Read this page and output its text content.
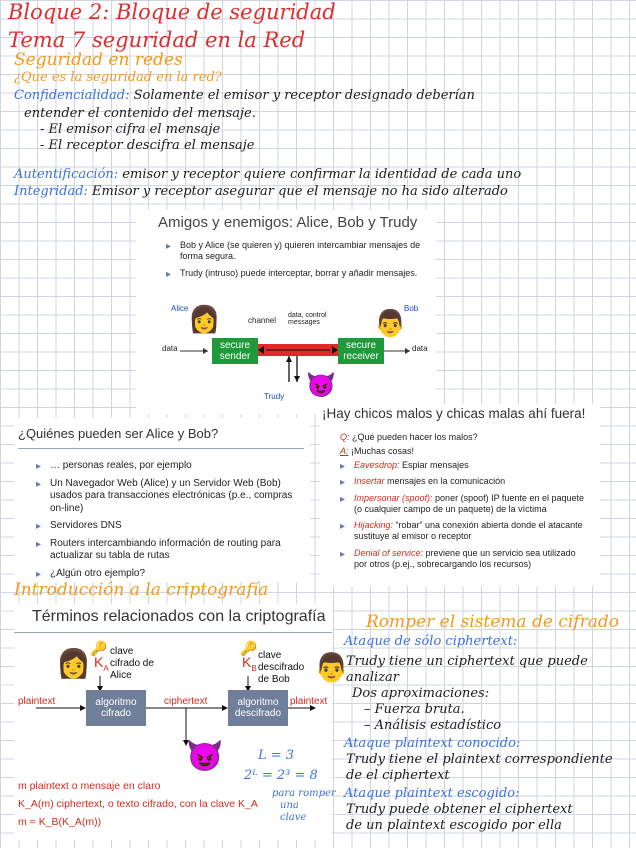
Bloque 2: Bloque de seguridad
Tema 7 seguridad en la Red
Seguridad en redes
¿Que es la seguridad en la red?
Confidencialidad: Solamente el emisor y receptor designado deberían
entender el contenido del mensaje.
- El emisor cifra el mensaje
- El receptor descifra el mensaje
Autentificación: emisor y receptor quiere confirmar la identidad de cada uno
Integridad: Emisor y receptor asegurar que el mensaje no ha sido alterado
Amigos y enemigos: Alice, Bob y Trudy
▸ Bob y Alice (se quieren y) quieren intercambiar mensajes de forma segura.
▸ Trudy (intruso) puede interceptar, borrar y añadir mensajes.
Alice	Bob
👩	👨
channel
data, control messages
data	data
secure sender
secure receiver
😈
Trudy
¿Quiénes pueden ser Alice y Bob?
▸ … personas reales, por ejemplo
▸ Un Navegador Web (Alice) y un Servidor Web (Bob) usados para transacciones electrónicas (p.e., compras on-line)
▸ Servidores DNS
▸ Routers intercambiando información de routing para actualizar su tabla de rutas
▸ ¿Algún otro ejemplo?
¡Hay chicos malos y chicas malas ahí fuera!
Q: ¿Qué pueden hacer los malos?
A: ¡Muchas cosas!
▸ Eavesdrop: Espiar mensajes
▸ Insertar mensajes en la comunicación
▸ Impersonar (spoof): poner (spoof) IP fuente en el paquete (o cualquier campo de un paquete) de la víctima
▸ Hijacking: “robar” una conexión abierta donde el atacante sustituye al emisor o receptor
▸ Denial of service: previene que un servicio sea utilizado por otros (p.ej., sobrecargando los recursos)
Introducción a la criptografía
Términos relacionados con la criptografía
👩	👨
🔑	🔑
$K_A$	$K_B$
clave
cifrado de
Alice
clave
descifrado
de Bob
plaintext	algoritmo cifrado
ciphertext	algoritmo descifrado
plaintext
😈
m plaintext o mensaje en claro
K_A(m) ciphertext, o texto cifrado, con la clave K_A
m = K_B(K_A(m))
L = 3
2ᴸ = 2³ = 8
para romper
una
clave
Romper el sistema de cifrado
Ataque de sólo ciphertext:
Trudy tiene un ciphertext que puede
analizar
Dos aproximaciones:
– Fuerza bruta.
– Análisis estadístico
Ataque plaintext conocido:
Trudy tiene el plaintext correspondiente
de el ciphertext
Ataque plaintext escogido:
Trudy puede obtener el ciphertext
de un plaintext escogido por ella
